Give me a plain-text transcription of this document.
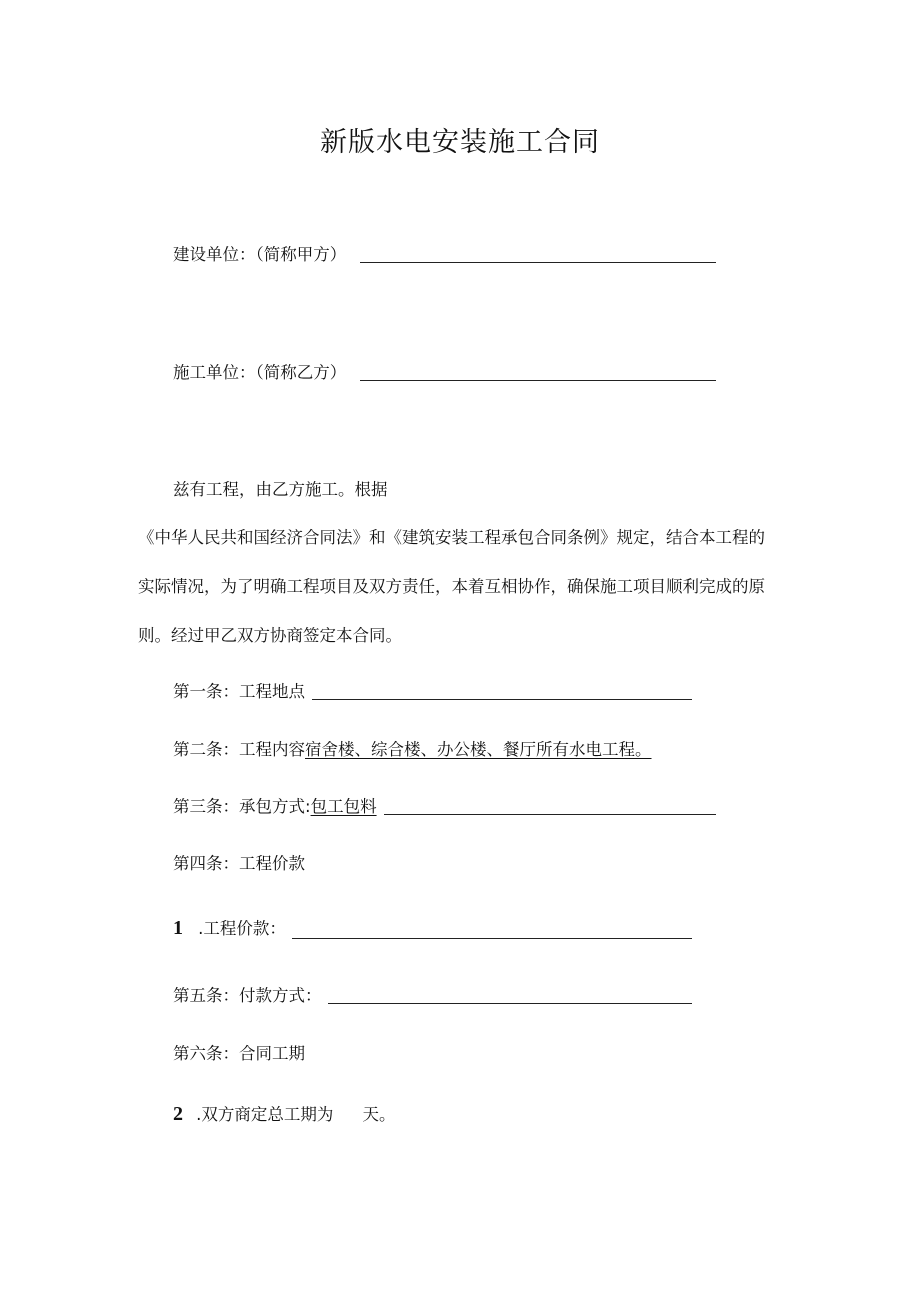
新版水电安装施工合同
建设单位：（简称甲方）
施工单位：（简称乙方）
兹有工程，由乙方施工。根据
《中华人民共和国经济合同法》和《建筑安装工程承包合同条例》规定，结合本工程的
实际情况，为了明确工程项目及双方责任，本着互相协作，确保施工项目顺利完成的原
则。经过甲乙双方协商签定本合同。
第一条：工程地点
第二条：工程内容宿舍楼、综合楼、办公楼、餐厅所有水电工程。
第三条：承包方式:包工包料
第四条：工程价款
1 .工程价款：
第五条：付款方式：
第六条：合同工期
2 .双方商定总工期为 天。
